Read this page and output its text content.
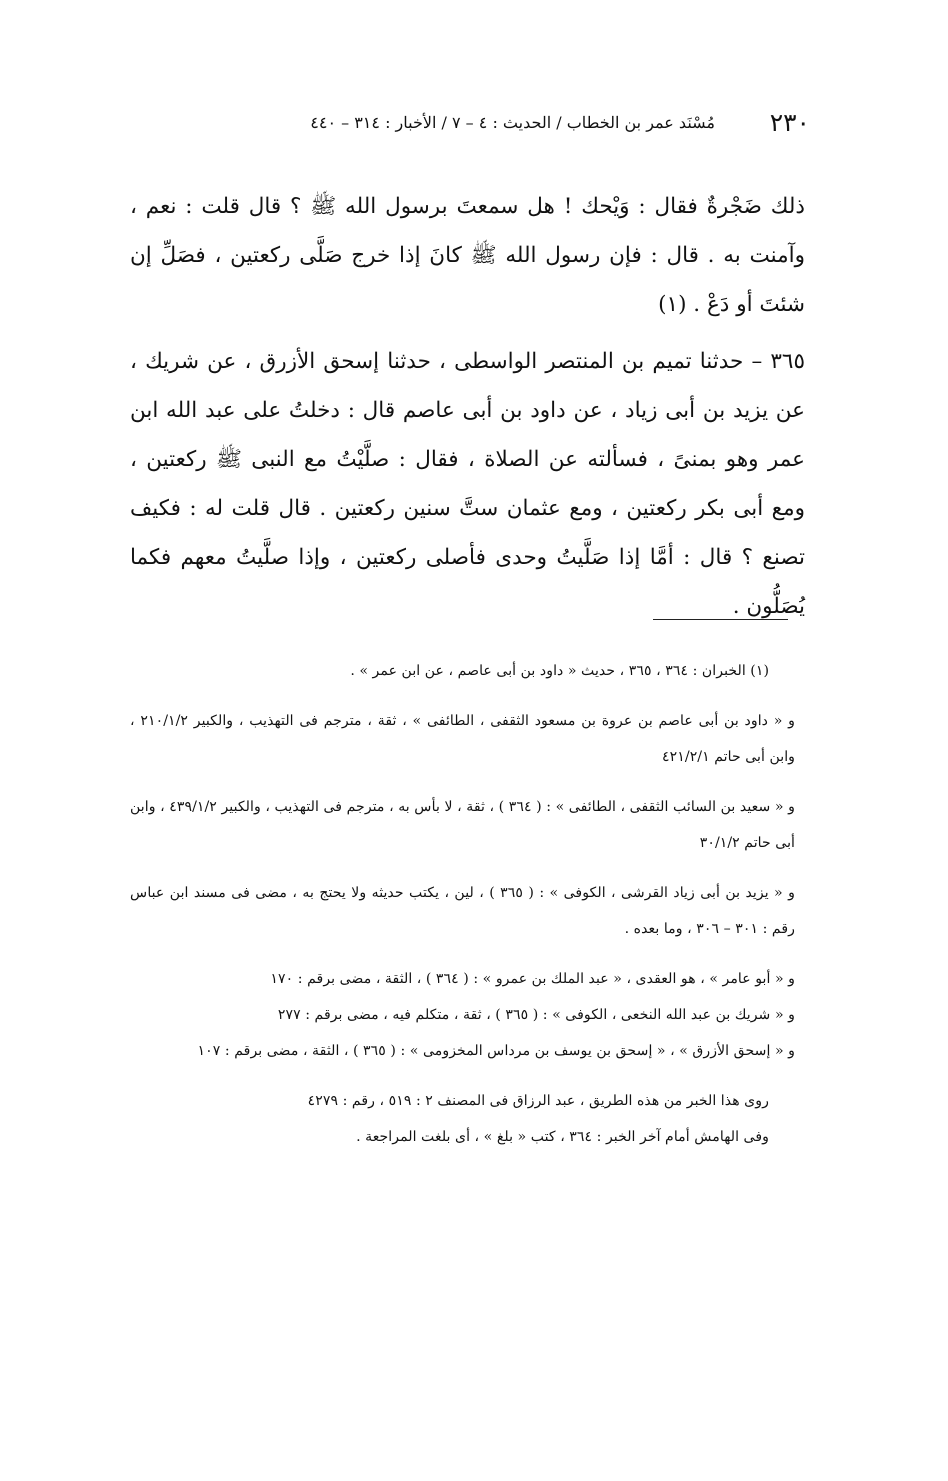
٢٣٠
مُسْنَد عمر بن الخطاب / الحديث : ٤ – ٧ / الأخبار : ٣١٤ – ٤٤٠

ذلك ضَجْرةٌ فقال : وَيْحك ! هل سمعتَ برسول الله ﷺ ؟ قال قلت : نعم ، وآمنت به . قال : فإن رسول الله ﷺ كانَ إذا خرج صَلَّى ركعتين ، فصَلِّ إن شئتَ أو دَعْ . (١)

٣٦٥ – حدثنا تميم بن المنتصر الواسطى ، حدثنا إسحق الأزرق ، عن شريك ، عن يزيد بن أبى زياد ، عن داود بن أبى عاصم قال : دخلتُ على عبد الله ابن عمر وهو بمنىً ، فسألته عن الصلاة ، فقال : صلَّيْتُ مع النبى ﷺ ركعتين ، ومع أبى بكر ركعتين ، ومع عثمان ستَّ سنين ركعتين . قال قلت له : فكيف تصنع ؟ قال : أمَّا إذا صَلَّيتُ وحدى فأصلى ركعتين ، وإذا صلَّيتُ معهم فكما يُصَلُّون .

(١) الخبران : ٣٦٤ ، ٣٦٥ ، حديث « داود بن أبى عاصم ، عن ابن عمر » .

و « داود بن أبى عاصم بن عروة بن مسعود الثقفى ، الطائفى » ، ثقة ، مترجم فى التهذيب ، والكبير ٢١٠/١/٢ ، وابن أبى حاتم ٤٢١/٢/١

و « سعيد بن السائب الثقفى ، الطائفى » : ( ٣٦٤ ) ، ثقة ، لا بأس به ، مترجم فى التهذيب ، والكبير ٤٣٩/١/٢ ، وابن أبى حاتم ٣٠/١/٢

و « يزيد بن أبى زياد القرشى ، الكوفى » : ( ٣٦٥ ) ، لين ، يكتب حديثه ولا يحتج به ، مضى فى مسند ابن عباس رقم : ٣٠١ – ٣٠٦ ، وما بعده .

و « أبو عامر » ، هو العقدى ، « عبد الملك بن عمرو » : ( ٣٦٤ ) ، الثقة ، مضى برقم : ١٧٠

و « شريك بن عبد الله النخعى ، الكوفى » : ( ٣٦٥ ) ، ثقة ، متكلم فيه ، مضى برقم : ٢٧٧

و « إسحق الأزرق » ، « إسحق بن يوسف بن مرداس المخزومى » : ( ٣٦٥ ) ، الثقة ، مضى برقم : ١٠٧

روى هذا الخبر من هذه الطريق ، عبد الرزاق فى المصنف ٢ : ٥١٩ ، رقم : ٤٢٧٩

وفى الهامش أمام آخر الخبر : ٣٦٤ ، كتب « بلغ » ، أى بلغت المراجعة .
